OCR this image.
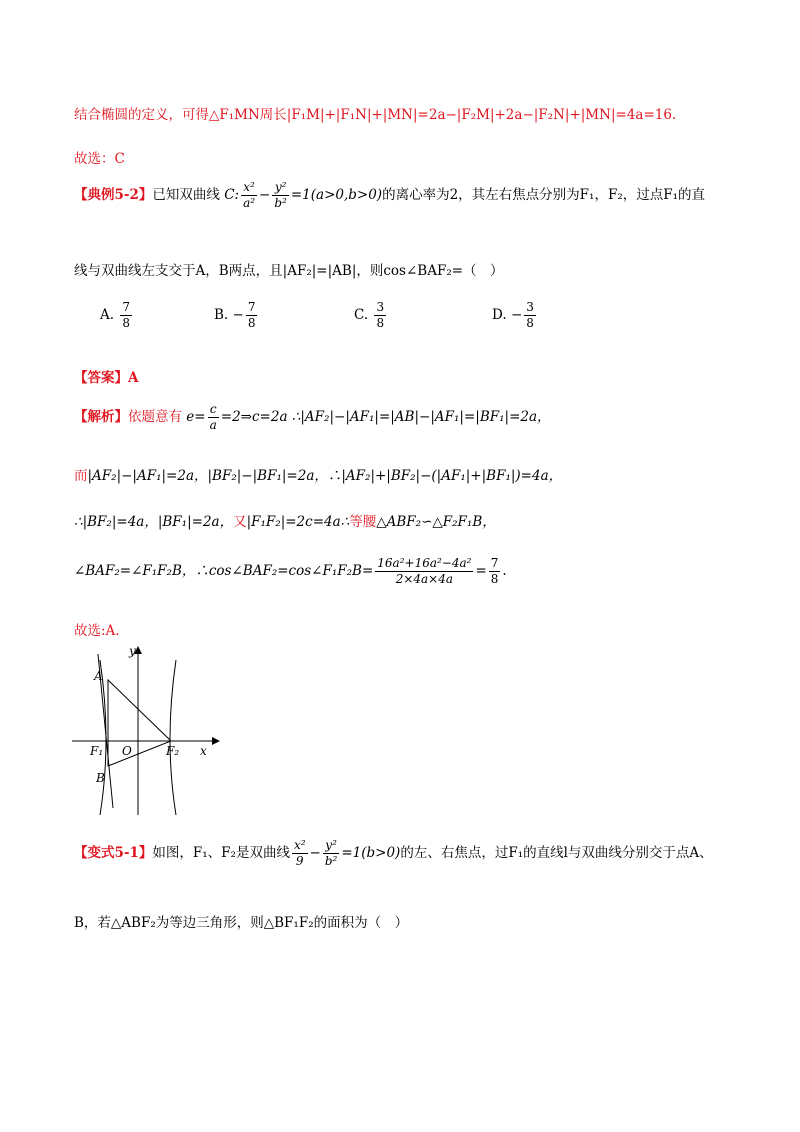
结合椭圆的定义，可得△F₁MN周长|F₁M|+|F₁N|+|MN|=2a−|F₂M|+2a−|F₂N|+|MN|=4a=16.
故选：C
【典例5-2】已知双曲线 C: $\frac{\text{x²}}{\text{a²}} - \frac{\text{y²}}{\text{b²}} =1(a>0,b>0)$的离心率为2，其左右焦点分别为F₁，F₂，过点F₁的直
线与双曲线左支交于A，B两点，且|AF₂|=|AB|，则cos∠BAF₂=（　）
A. $\frac{7}{8}$	B. − $\frac{7}{8}$	C. $\frac{3}{8}$	D. − $\frac{3}{8}$
【答案】A
【解析】依题意有 $e= \frac{c}{a}$ =2⇒c=2a ∴|AF₂|−|AF₁|=|AB|−|AF₁|=|BF₁|=2a，
而|AF₂|−|AF₁|=2a，|BF₂|−|BF₁|=2a，∴|AF₂|+|BF₂|−(|AF₁|+|BF₁|)=4a，
∴|BF₂|=4a，|BF₁|=2a，又|F₁F₂|=2c=4a∴等腰△ABF₂∽△F₂F₁B，
∠BAF₂=∠F₁F₂B，∴cos∠BAF₂=cos∠F₁F₂B= $\frac{\text{16a²+16a²−4a²}}{2\times 4a\times 4a} = \frac{7}{8}$ .
故选:A.
y
x
A
B
O
F₁	F₂
【变式5-1】如图，F₁、F₂是双曲线 $\frac{\text{x²}}{9} - \frac{\text{y²}}{\text{b²}} =1(b>0)$的左、右焦点，过F₁的直线l与双曲线分别交于点A、
B，若△ABF₂为等边三角形，则△BF₁F₂的面积为（　）
